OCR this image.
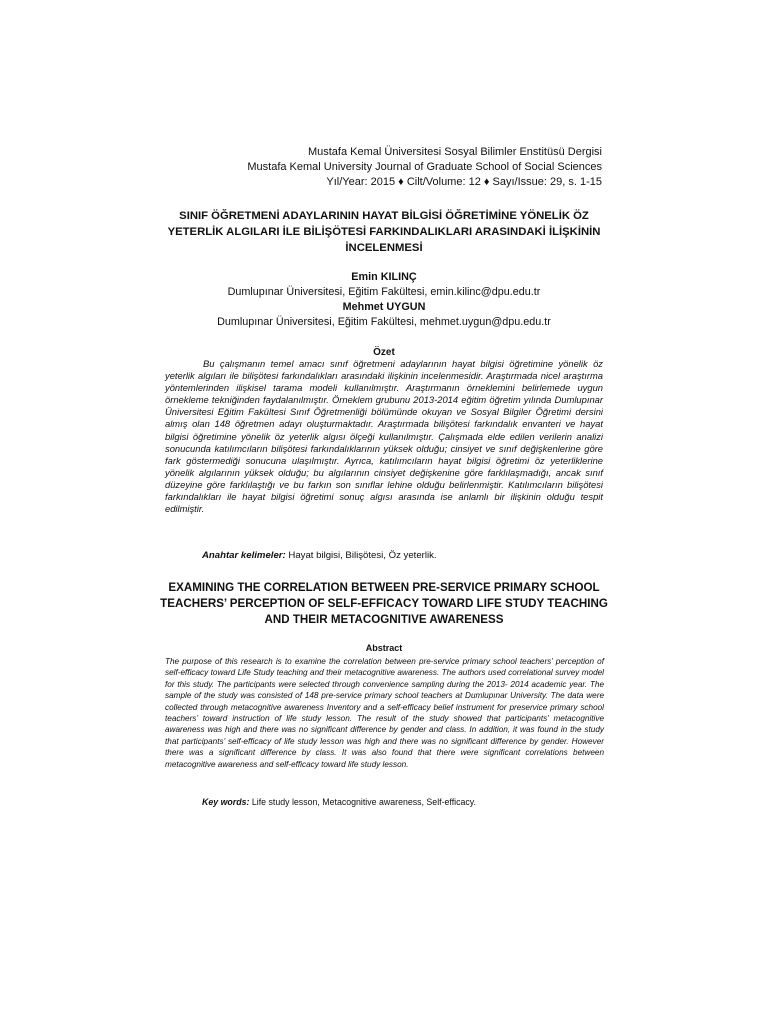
Mustafa Kemal Üniversitesi Sosyal Bilimler Enstitüsü Dergisi
Mustafa Kemal University Journal of Graduate School of Social Sciences
Yıl/Year: 2015 ♦ Cilt/Volume: 12 ♦ Sayı/Issue: 29, s. 1-15
SINIF ÖĞRETMENİ ADAYLARININ HAYAT BİLGİSİ ÖĞRETİMİNE YÖNELİK ÖZ YETERLİK ALGILARI İLE BİLİŞÖTESİ FARKINDALIKLARI ARASINDAKİ İLİŞKİNİN İNCELENMESİ
Emin KILINÇ
Dumlupınar Üniversitesi, Eğitim Fakültesi, emin.kilinc@dpu.edu.tr
Mehmet UYGUN
Dumlupınar Üniversitesi, Eğitim Fakültesi, mehmet.uygun@dpu.edu.tr
Özet
Bu çalışmanın temel amacı sınıf öğretmeni adaylarının hayat bilgisi öğretimine yönelik öz yeterlik algıları ile bilişötesi farkındalıkları arasındaki ilişkinin incelenmesidir. Araştırmada nicel araştırma yöntemlerinden ilişkisel tarama modeli kullanılmıştır. Araştırmanın örneklemini belirlemede uygun örnekleme tekniğinden faydalanılmıştır. Örneklem grubunu 2013-2014 eğitim öğretim yılında Dumlupınar Üniversitesi Eğitim Fakültesi Sınıf Öğretmenliği bölümünde okuyan ve Sosyal Bilgiler Öğretimi dersini almış olan 148 öğretmen adayı oluşturmaktadır. Araştırmada bilişötesi farkındalık envanteri ve hayat bilgisi öğretimine yönelik öz yeterlik algısı ölçeği kullanılmıştır. Çalışmada elde edilen verilerin analizi sonucunda katılımcıların bilişötesi farkındalıklarının yüksek olduğu; cinsiyet ve sınıf değişkenlerine göre fark göstermediği sonucuna ulaşılmıştır. Ayrıca, katılımcıların hayat bilgisi öğretimi öz yeterliklerine yönelik algılarının yüksek olduğu; bu algılarının cinsiyet değişkenine göre farklılaşmadığı, ancak sınıf düzeyine göre farklılaştığı ve bu farkın son sınıflar lehine olduğu belirlenmiştir. Katılımcıların bilişötesi farkındalıkları ile hayat bilgisi öğretimi sonuç algısı arasında ise anlamlı bir ilişkinin olduğu tespit edilmiştir.
Anahtar kelimeler: Hayat bilgisi, Bilişötesi, Öz yeterlik.
EXAMINING THE CORRELATION BETWEEN PRE-SERVICE PRIMARY SCHOOL TEACHERS’ PERCEPTION OF SELF-EFFICACY TOWARD LIFE STUDY TEACHING AND THEIR METACOGNITIVE AWARENESS
Abstract
The purpose of this research is to examine the correlation between pre-service primary school teachers’ perception of self-efficacy toward Life Study teaching and their metacognitive awareness. The authors used correlational survey model for this study. The participants were selected through convenience sampling during the 2013- 2014 academic year. The sample of the study was consisted of 148 pre-service primary school teachers at Dumlupınar University. The data were collected through metacognitive awareness Inventory and a self-efficacy belief instrument for preservice primary school teachers’ toward instruction of life study lesson. The result of the study showed that participants’ metacognitive awareness was high and there was no significant difference by gender and class. In addition, it was found in the study that participants’ self-efficacy of life study lesson was high and there was no significant difference by gender. However there was a significant difference by class. It was also found that there were significant correlations between metacognitive awareness and self-efficacy toward life study lesson.
Key words: Life study lesson, Metacognitive awareness, Self-efficacy.
